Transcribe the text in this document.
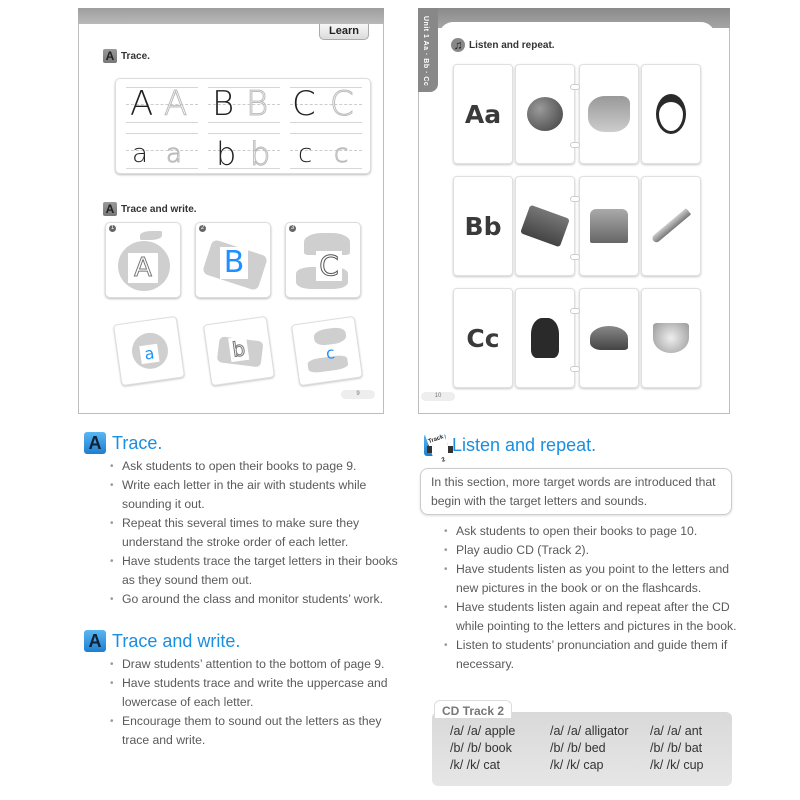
Learn
A Trace.
A A B B C C
a a b b c c
A Trace and write.
1
A
2
B
3
C
a	b	c
9
Unit 1 Aa · Bb · Cc ♫ Listen and repeat.
Aa
Bb
Cc
10
A Trace.
• Ask students to open their books to page 9.
• Write each letter in the air with students while sounding it out.
• Repeat this several times to make sure they understand the stroke order of each letter.
• Have students trace the target letters in their books as they sound them out.
• Go around the class and monitor students’ work.
A Trace and write.
• Draw students’ attention to the bottom of page 9.
• Have students trace and write the uppercase and lowercase of each letter.
• Encourage them to sound out the letters as they trace and write.
Track 2
Listen and repeat.
In this section, more target words are introduced that begin with the target letters and sounds.
• Ask students to open their books to page 10.
• Play audio CD (Track 2).
• Have students listen as you point to the letters and new pictures in the book or on the flashcards.
• Have students listen again and repeat after the CD while pointing to the letters and pictures in the book.
• Listen to students’ pronunciation and guide them if necessary.
CD Track 2
/a/ /a/ apple	/a/ /a/ alligator	/a/ /a/ ant
/b/ /b/ book	/b/ /b/ bed	/b/ /b/ bat
/k/ /k/ cat	/k/ /k/ cap	/k/ /k/ cup
